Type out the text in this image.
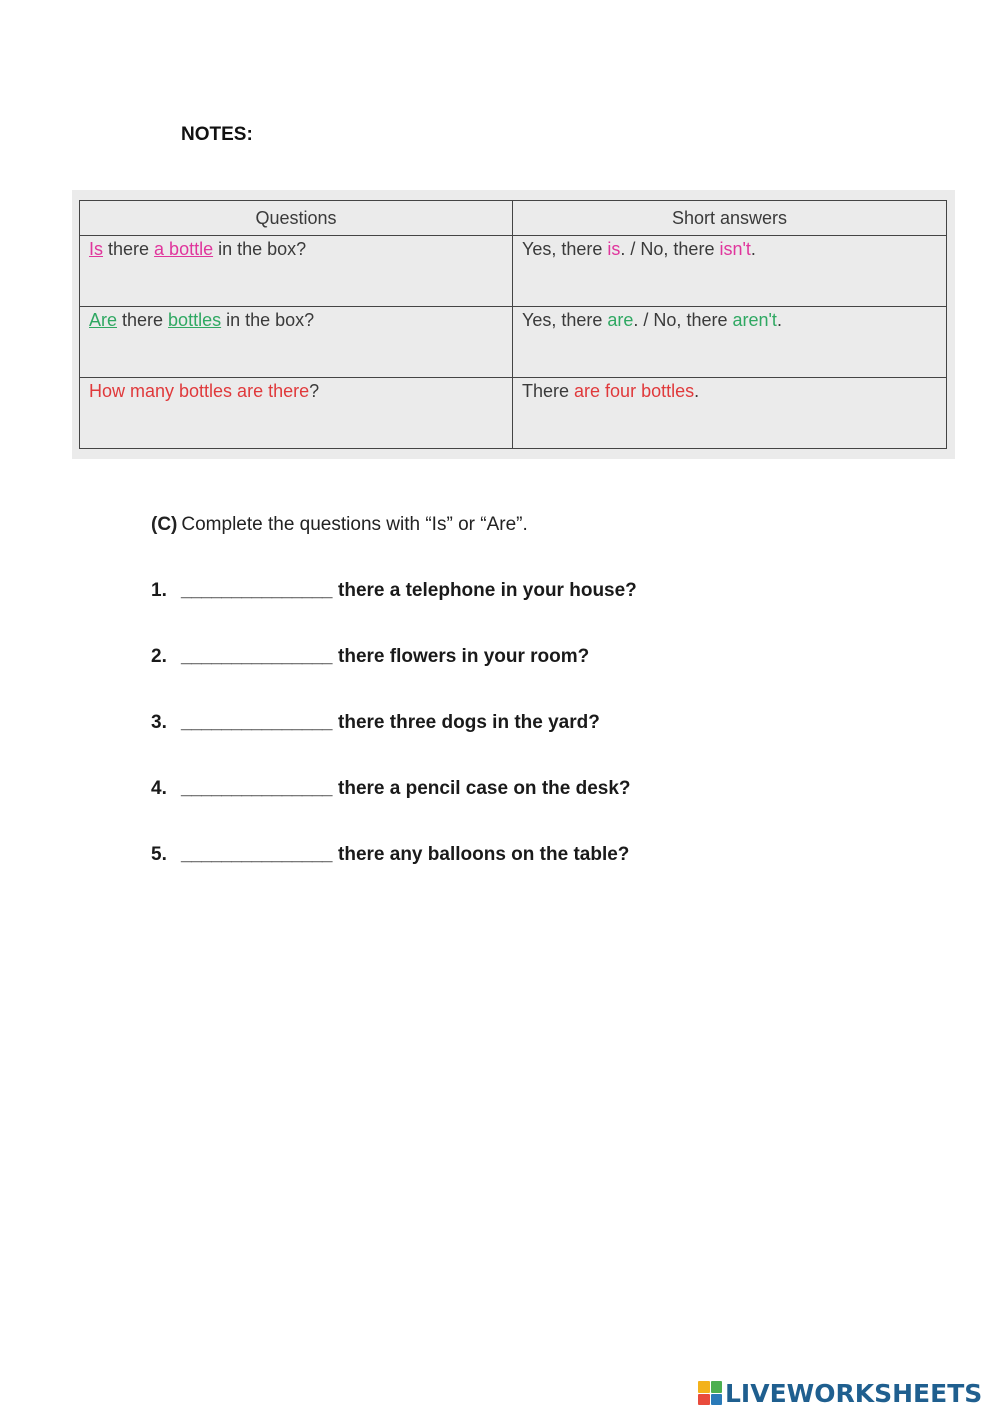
NOTES:
Questions	Short answers

Is there a bottle in the box?	Yes, there is. / No, there isn't.

Are there bottles in the box?	Yes, there are. / No, there aren't.

How many bottles are there?	There are four bottles.
(C) Complete the questions with “Is” or “Are”.
1. _______________ there a telephone in your house?
2. _______________ there flowers in your room?
3. _______________ there three dogs in the yard?
4. _______________ there a pencil case on the desk?
5. _______________ there any balloons on the table?
LIVEWORKSHEETS
